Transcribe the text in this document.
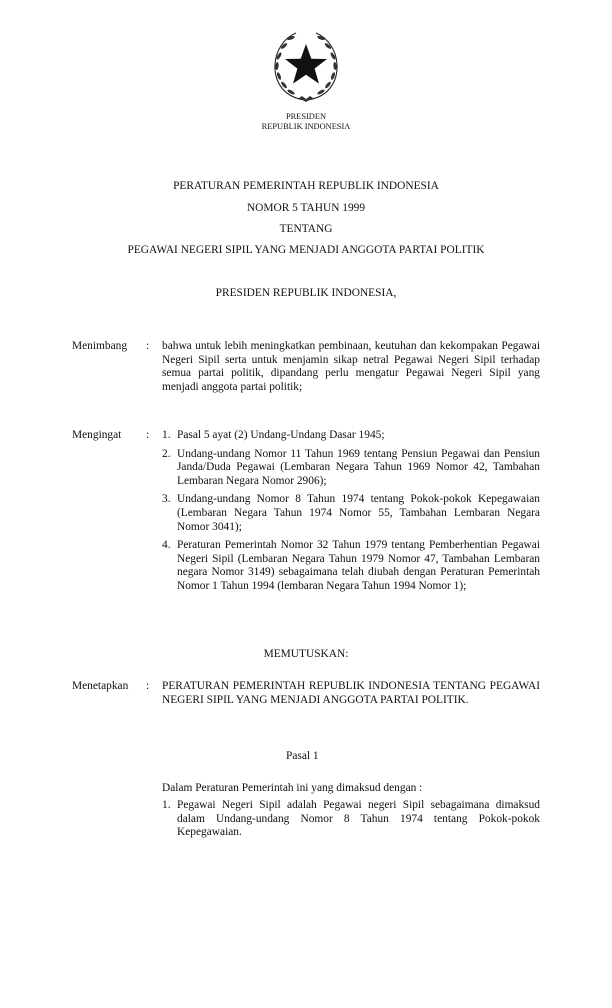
PRESIDEN
REPUBLIK INDONESIA
PERATURAN PEMERINTAH REPUBLIK INDONESIA
NOMOR 5 TAHUN 1999
TENTANG
PEGAWAI NEGERI SIPIL YANG MENJADI ANGGOTA PARTAI POLITIK
PRESIDEN REPUBLIK INDONESIA,
Menimbang	: bahwa untuk lebih meningkatkan pembinaan, keutuhan dan kekompakan Pegawai Negeri Sipil serta untuk menjamin sikap netral Pegawai Negeri Sipil terhadap semua partai politik, dipandang perlu mengatur Pegawai Negeri Sipil yang menjadi anggota partai politik;
Mengingat	: 1. Pasal 5 ayat (2) Undang-Undang Dasar 1945;
2. Undang-undang Nomor 11 Tahun 1969 tentang Pensiun Pegawai dan Pensiun Janda/Duda Pegawai (Lembaran Negara Tahun 1969 Nomor 42, Tambahan Lembaran Negara Nomor 2906);
3. Undang-undang Nomor 8 Tahun 1974 tentang Pokok-pokok Kepegawaian (Lembaran Negara Tahun 1974 Nomor 55, Tambahan Lembaran Negara Nomor 3041);
4. Peraturan Pemerintah Nomor 32 Tahun 1979 tentang Pemberhentian Pegawai Negeri Sipil (Lembaran Negara Tahun 1979 Nomor 47, Tambahan Lembaran negara Nomor 3149) sebagaimana telah diubah dengan Peraturan Pemerintah Nomor 1 Tahun 1994 (lembaran Negara Tahun 1994 Nomor 1);
MEMUTUSKAN:
Menetapkan	: PERATURAN PEMERINTAH REPUBLIK INDONESIA TENTANG PEGAWAI NEGERI SIPIL YANG MENJADI ANGGOTA PARTAI POLITIK.
Pasal 1
Dalam Peraturan Pemerintah ini yang dimaksud dengan :
1. Pegawai Negeri Sipil adalah Pegawai negeri Sipil sebagaimana dimaksud dalam Undang-undang Nomor 8 Tahun 1974 tentang Pokok-pokok Kepegawaian.
